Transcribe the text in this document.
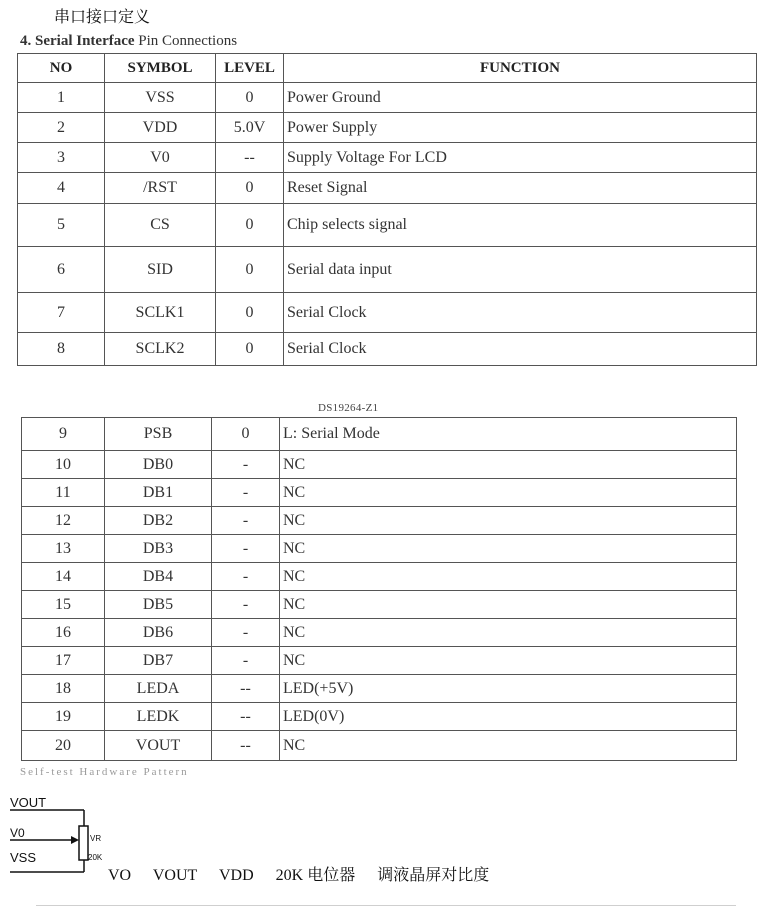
串口接口定义
4. Serial Interface Pin Connections
NO	SYMBOL	LEVEL	FUNCTION
1	VSS	0	Power Ground
2	VDD	5.0V	Power Supply
3	V0	--	Supply Voltage For LCD
4	/RST	0	Reset Signal
5	CS	0	Chip selects signal
6	SID	0	Serial data input
7	SCLK1	0	Serial Clock
8	SCLK2	0	Serial Clock
DS19264-Z1
9	PSB	0	L: Serial Mode
10	DB0	-	NC
11	DB1	-	NC
12	DB2	-	NC
13	DB3	-	NC
14	DB4	-	NC
15	DB5	-	NC
16	DB6	-	NC
17	DB7	-	NC
18	LEDA	--	LED(+5V)
19	LEDK	--	LED(0V)
20	VOUT	--	NC
Self-test Hardware Pattern
VOUT
V0	VR
20K
VSS
VO VOUT VDD 20K 电位器 调液晶屏对比度
